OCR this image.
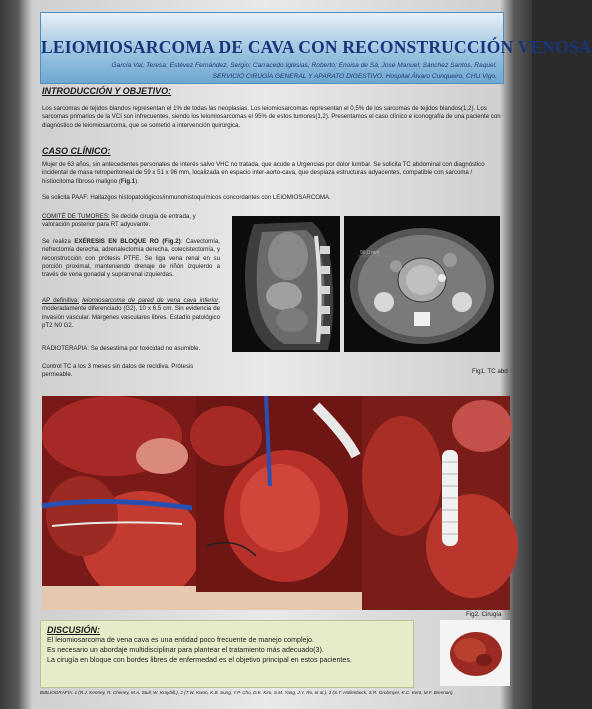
LEIOMIOSARCOMA DE CAVA CON RECONSTRUCCIÓN VENOSA
García Val, Teresa; Estévez Fernández, Sergio; Carracedo Iglesias, Roberto; Enoisa de Sá, José Manuel; Sánchez Santos, Raquel.
SERVICIO CIRUGÍA GENERAL Y APARATO DIGESTIVO. Hospital Álvaro Cunqueiro, CHU Vigo.
INTRODUCCIÓN Y OBJETIVO:

Los sarcomas de tejidos blandos representan el 1% de todas las neoplasias. Los leiomiosarcomas representan el 0,5% de los sarcomas de tejidos blandos(1,2). Los sarcomas primarios de la VCI son infrecuentes, siendo los leiomiosarcomas el 95% de estos tumores(1,2). Presentamos el caso clínico e iconografía de una paciente con diagnóstico de leiomiosarcoma, que se sometió a intervención quirúrgica.

CASO CLÍNICO:

Mujer de 63 años, sin antecedentes personales de interés salvo VHC no tratada, que acude a Urgencias por dolor lumbar. Se solicita TC abdominal con diagnóstico incidental de masa retroperitoneal de 59 x 51 x 96 mm, localizada en espacio inter-aorto-cava, que desplaza estructuras adyacentes, compatible con sarcoma / histiocitoma fibroso maligno (Fig.1).

Se solicita PAAF: Hallazgos histopatológicos/inmunohistoquímicos concordantes con LEIOMIOSARCOMA.

COMITÉ DE TUMORES: Se decide cirugía de entrada, y valoración posterior para RT adyuvante.

Se realiza EXÉRESIS EN BLOQUE RO (Fig.2): Cavectomía, nefrectomía derecha, adrenalectomía derecha, colecistectomía, y reconstrucción con prótesis PTFE. Se liga vena renal en su porción proximal, manteniendo drenaje de riñón izquierdo a través de vena gonadal y suprarrenal izquierdas.

AP definitiva: leiomiosarcoma de pared de vena cava inferior, moderadamente diferenciado (G2), 10 x 6.5 cm. Sin evidencia de invasión vascular. Márgenes vasculares libres. Estadío patológico pT2 N0 G2.

RADIOTERAPIA: Se desestima por toxicidad no asumible.

Control TC a los 3 meses sin datos de recidiva. Prótesis permeable.

96,0 mm
Fig1. TC abd
Fig2. Cirugía
DISCUSIÓN:

El leiomiosarcoma de vena cava es una entidad poco frecuente de manejo complejo.

Es necesario un abordaje multidisciplinar para plantear el tratamiento más adecuado(3).

La cirugía en bloque con bordes libres de enfermedad es el objetivo principal en estos pacientes.

BIBLIOGRAFÍA: 1 (R.J. Kenney, R. Cheney, M.A. Stull, W. Kraybill.), 2 (T.W. Kwon, K.B. Sung, Y.P. Cho, D.K. Kim, S.M. Yang, J.Y. Ro, et al.), 3 (S.T. Hollenbeck, S.R. Grobmyer, K.C. Kent, M.F. Brennan).
